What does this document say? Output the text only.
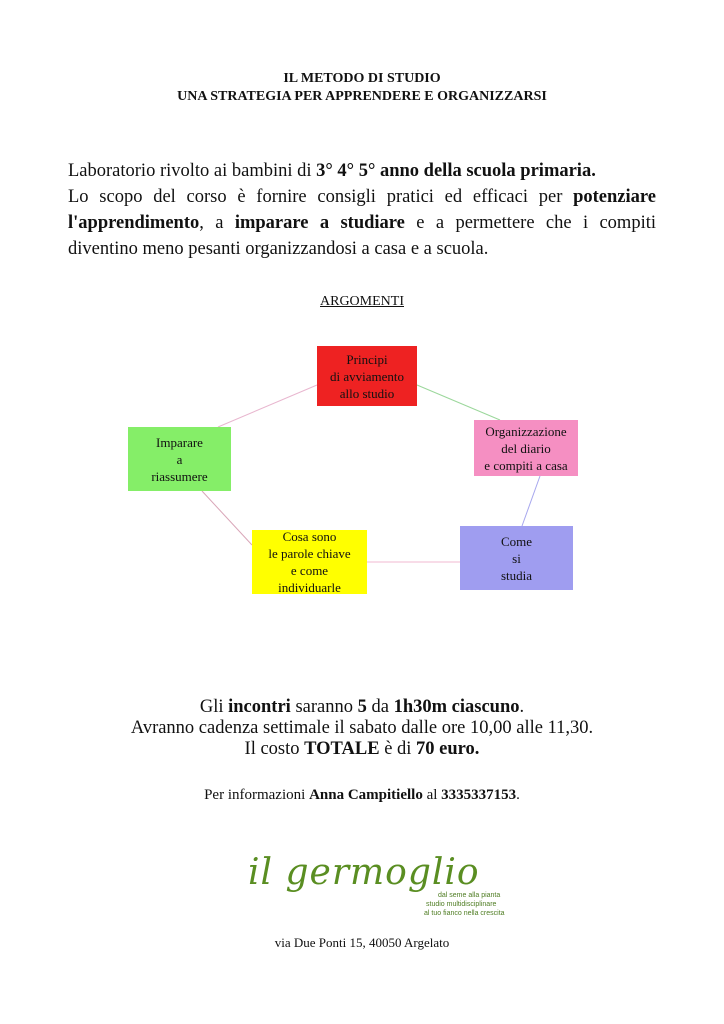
IL METODO DI STUDIO
UNA STRATEGIA PER APPRENDERE E ORGANIZZARSI
Laboratorio rivolto ai bambini di 3° 4° 5° anno della scuola primaria.
Lo scopo del corso è fornire consigli pratici ed efficaci per potenziare l'apprendimento, a imparare a studiare e a permettere che i compiti diventino meno pesanti organizzandosi a casa e a scuola.
ARGOMENTI
Principi
di avviamento
allo studio
Organizzazione
del diario
e compiti a casa
Come
si
studia
Cosa sono
le parole chiave
e come
individuarle
Imparare
a
riassumere
Gli incontri saranno 5 da 1h30m ciascuno.
Avranno cadenza settimale il sabato dalle ore 10,00 alle 11,30.
Il costo TOTALE è di 70 euro.
Per informazioni Anna Campitiello al 3335337153.
il germoglio
dal seme alla pianta
studio multidisciplinare
al tuo fianco nella crescita
via Due Ponti 15, 40050 Argelato
